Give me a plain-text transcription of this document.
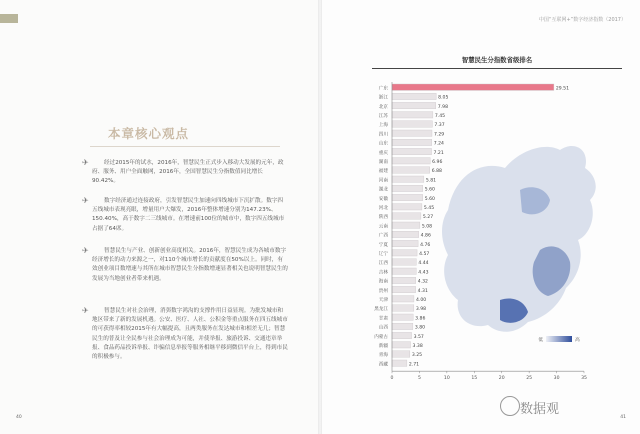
本章核心观点
✈	经过2015年的试水，2016年，智慧民生正式步入移动大发展的元年，政府、服务、用户全面触网，2016年，全国智慧民生分指数值同比增长90.42%。
✈	数字经济通过连接政府，引发智慧民生加速向四线城市下沉扩散。数字四五线城市表现亮眼，增量用户大爆发，2016年整体增速分别为147.23%、150.40%，高于数字二三线城市。在增速前100位的城市中，数字四五线城市占据了64席。
✈	智慧民生与产业、创新创业高度相关。2016年，智慧民生成为各城市数字经济增长的动力来源之一，对110个城市增长的贡献度在50%以上。同时，有效创业项目数增速与其所在城市智慧民生分指数增速显著相关也说明智慧民生的发展为当地创业者带来机遇。
✈	智慧民生对社会治理，消弭数字鸿沟的支撑作用日益显现。为批发城市和地区带来了新的发展机遇。公安、医疗、人社、公积金等重点服务在四五线城市的可获得率相较2015年有大幅提高，且两类服务在发达城市和相差无几；智慧民生的普及让全民参与社会治理成为可能，并使举报、旅游投诉、交通违章举报、食品药品投诉举报、诈骗信息举报等服务相继平移到微信平台上，得到市民的积极参与。
40
中国“互联网+”数字经济指数（2017）
41
智慧民生分指数省级排名
广东	29.51
浙江	8.05
北京	7.98
江苏	7.45
上海	7.37
四川	7.29
山东	7.24
重庆	7.21
湖南	6.96
福建	6.88
河南	5.81
湖北	5.60
安徽	5.60
河北	5.45
陕西	5.27
云南	5.08
广西	4.86
宁夏	4.76
辽宁	4.57
江西	4.44
吉林	4.43
海南	4.32
贵州	4.31
天津	4.00
黑龙江	3.98
甘肃	3.86
山西	3.80
内蒙古	3.57
新疆	3.38
青海	3.25
西藏	2.71
0	5	10	15	20	25	30	35
低	高
数据观
